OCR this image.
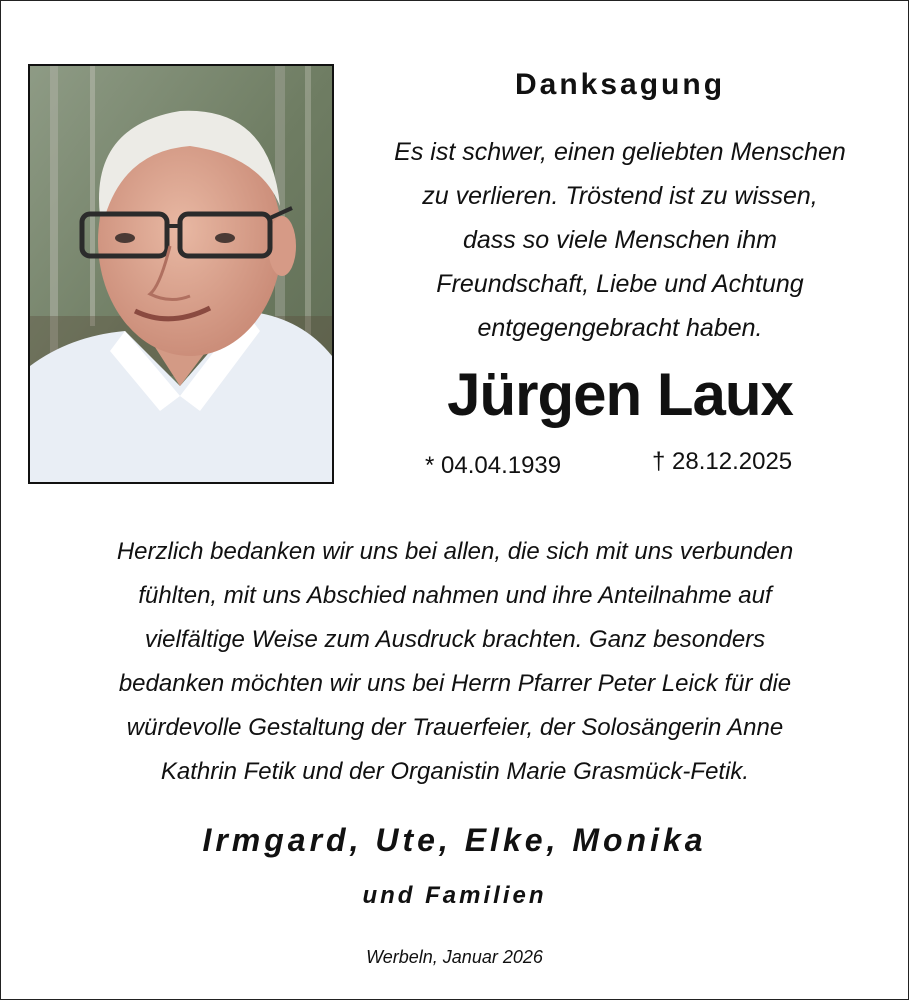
Danksagung
Es ist schwer, einen geliebten Menschen
zu verlieren. Tröstend ist zu wissen,
dass so viele Menschen ihm
Freundschaft, Liebe und Achtung
entgegengebracht haben.
Jürgen Laux
* 04.04.1939	† 28.12.2025
Herzlich bedanken wir uns bei allen, die sich mit uns verbunden
fühlten, mit uns Abschied nahmen und ihre Anteilnahme auf
vielfältige Weise zum Ausdruck brachten. Ganz besonders
bedanken möchten wir uns bei Herrn Pfarrer Peter Leick für die
würdevolle Gestaltung der Trauerfeier, der Solosängerin Anne
Kathrin Fetik und der Organistin Marie Grasmück-Fetik.
Irmgard, Ute, Elke, Monika
und Familien
Werbeln, Januar 2026
